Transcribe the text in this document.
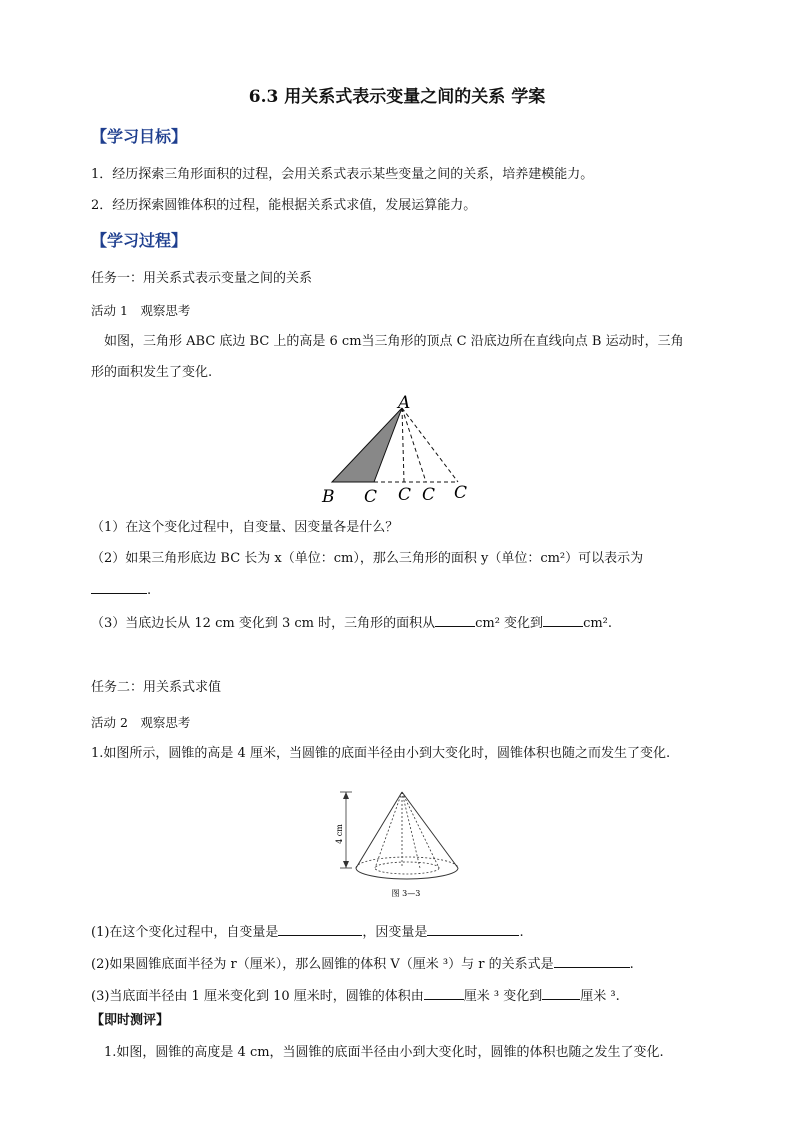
6.3 用关系式表示变量之间的关系 学案
【学习目标】
1．经历探索三角形面积的过程，会用关系式表示某些变量之间的关系，培养建模能力。
2．经历探索圆锥体积的过程，能根据关系式求值，发展运算能力。
【学习过程】
任务一：用关系式表示变量之间的关系
活动 1　观察思考
　如图，三角形 ABC 底边 BC 上的高是 6 cm当三角形的顶点 C 沿底边所在直线向点 B 运动时，三角
形的面积发生了变化.
A
B C C C C
（1）在这个变化过程中，自变量、因变量各是什么？
（2）如果三角形底边 BC 长为 x（单位：cm），那么三角形的面积 y（单位：cm²）可以表示为
.
（3）当底边长从 12 cm 变化到 3 cm 时，三角形的面积从	cm² 变化到	cm².
任务二：用关系式求值
活动 2　观察思考
1.如图所示，圆锥的高是 4 厘米，当圆锥的底面半径由小到大变化时，圆锥体积也随之而发生了变化.
4 cm
图 3—3
(1)在这个变化过程中，自变量是	，因变量是	.
(2)如果圆锥底面半径为 r（厘米），那么圆锥的体积 V（厘米 ³）与 r 的关系式是	.
(3)当底面半径由 1 厘米变化到 10 厘米时，圆锥的体积由	厘米 ³ 变化到	厘米 ³.
【即时测评】
　1.如图，圆锥的高度是 4 cm，当圆锥的底面半径由小到大变化时，圆锥的体积也随之发生了变化.
